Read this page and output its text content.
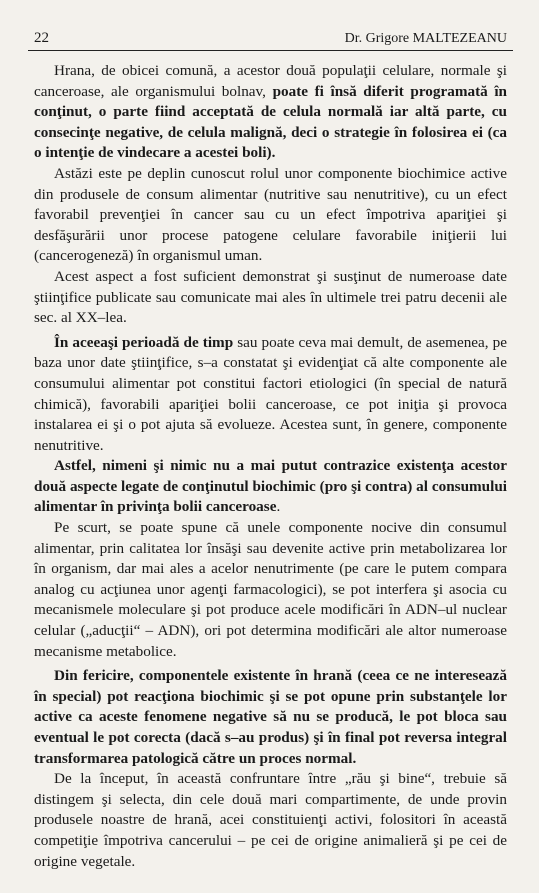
22	Dr. Grigore MALTEZEANU

Hrana, de obicei comună, a acestor două populaţii celulare, normale şi canceroase, ale organismului bolnav, poate fi însă diferit programată în conţinut, o parte fiind acceptată de celula normală iar altă parte, cu consecinţe negative, de celula malignă, deci o strategie în folosirea ei (ca o intenţie de vindecare a acestei boli).

Astăzi este pe deplin cunoscut rolul unor componente biochimice active din produsele de consum alimentar (nutritive sau nenutritive), cu un efect favorabil prevenţiei în cancer sau cu un efect împotriva apariţiei şi desfăşurării unor procese patogene celulare favorabile iniţierii lui (cancerogeneză) în organismul uman.

Acest aspect a fost suficient demonstrat şi susţinut de numeroase date ştiinţifice publicate sau comunicate mai ales în ultimele trei patru decenii ale sec. al XX–lea.

În aceeaşi perioadă de timp sau poate ceva mai demult, de asemenea, pe baza unor date ştiinţifice, s–a constatat şi evidenţiat că alte componente ale consumului alimentar pot constitui factori etiologici (în special de natură chimică), favorabili apariţiei bolii canceroase, ce pot iniţia şi provoca instalarea ei şi o pot ajuta să evolueze. Acestea sunt, în genere, componente nenutritive.

Astfel, nimeni şi nimic nu a mai putut contrazice existenţa acestor două aspecte legate de conţinutul biochimic (pro şi contra) al consumului alimentar în privinţa bolii canceroase.

Pe scurt, se poate spune că unele componente nocive din consumul alimentar, prin calitatea lor însăşi sau devenite active prin metabolizarea lor în organism, dar mai ales a acelor nenutrimente (pe care le putem compara analog cu acţiunea unor agenţi farmacologici), se pot interfera şi asocia cu mecanismele moleculare şi pot produce acele modificări în ADN–ul nuclear celular („aducţii“ – ADN), ori pot determina modificări ale altor numeroase mecanisme metabolice.

Din fericire, componentele existente în hrană (ceea ce ne interesează în special) pot reacţiona biochimic şi se pot opune prin substanţele lor active ca aceste fenomene negative să nu se producă, le pot bloca sau eventual le pot corecta (dacă s–au produs) şi în final pot reversa integral transformarea patologică către un proces normal.

De la început, în această confruntare între „rău şi bine“, trebuie să distingem şi selecta, din cele două mari compartimente, de unde provin produsele noastre de hrană, acei constituienţi activi, folositori în această competiţie împotriva cancerului – pe cei de origine animalieră şi pe cei de origine vegetale.
